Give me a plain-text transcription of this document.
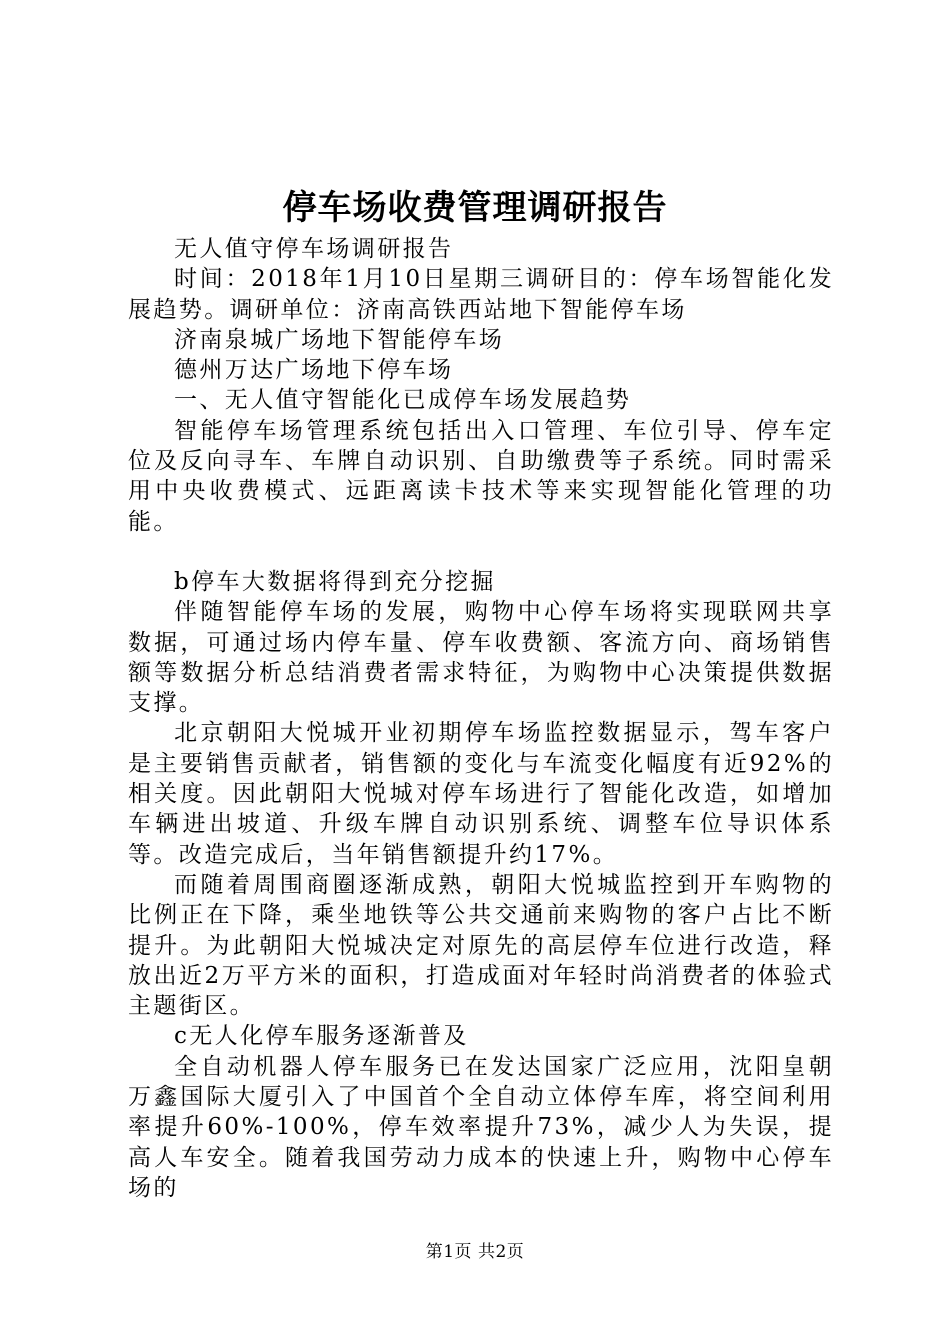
停车场收费管理调研报告

无人值守停车场调研报告

时间：2018年1月10日星期三调研目的：停车场智能化发展趋势。调研单位：济南高铁西站地下智能停车场

济南泉城广场地下智能停车场

德州万达广场地下停车场

一、无人值守智能化已成停车场发展趋势

智能停车场管理系统包括出入口管理、车位引导、停车定位及反向寻车、车牌自动识别、自助缴费等子系统。同时需采用中央收费模式、远距离读卡技术等来实现智能化管理的功能。

b停车大数据将得到充分挖掘

伴随智能停车场的发展，购物中心停车场将实现联网共享数据，可通过场内停车量、停车收费额、客流方向、商场销售额等数据分析总结消费者需求特征，为购物中心决策提供数据支撑。

北京朝阳大悦城开业初期停车场监控数据显示，驾车客户是主要销售贡献者，销售额的变化与车流变化幅度有近92%的相关度。因此朝阳大悦城对停车场进行了智能化改造，如增加车辆进出坡道、升级车牌自动识别系统、调整车位导识体系等。改造完成后，当年销售额提升约17%。

而随着周围商圈逐渐成熟，朝阳大悦城监控到开车购物的比例正在下降，乘坐地铁等公共交通前来购物的客户占比不断提升。为此朝阳大悦城决定对原先的高层停车位进行改造，释放出近2万平方米的面积，打造成面对年轻时尚消费者的体验式主题街区。

c无人化停车服务逐渐普及

全自动机器人停车服务已在发达国家广泛应用，沈阳皇朝万鑫国际大厦引入了中国首个全自动立体停车库，将空间利用率提升60%-100%，停车效率提升73%，减少人为失误，提高人车安全。随着我国劳动力成本的快速上升，购物中心停车场的

第1页 共2页
